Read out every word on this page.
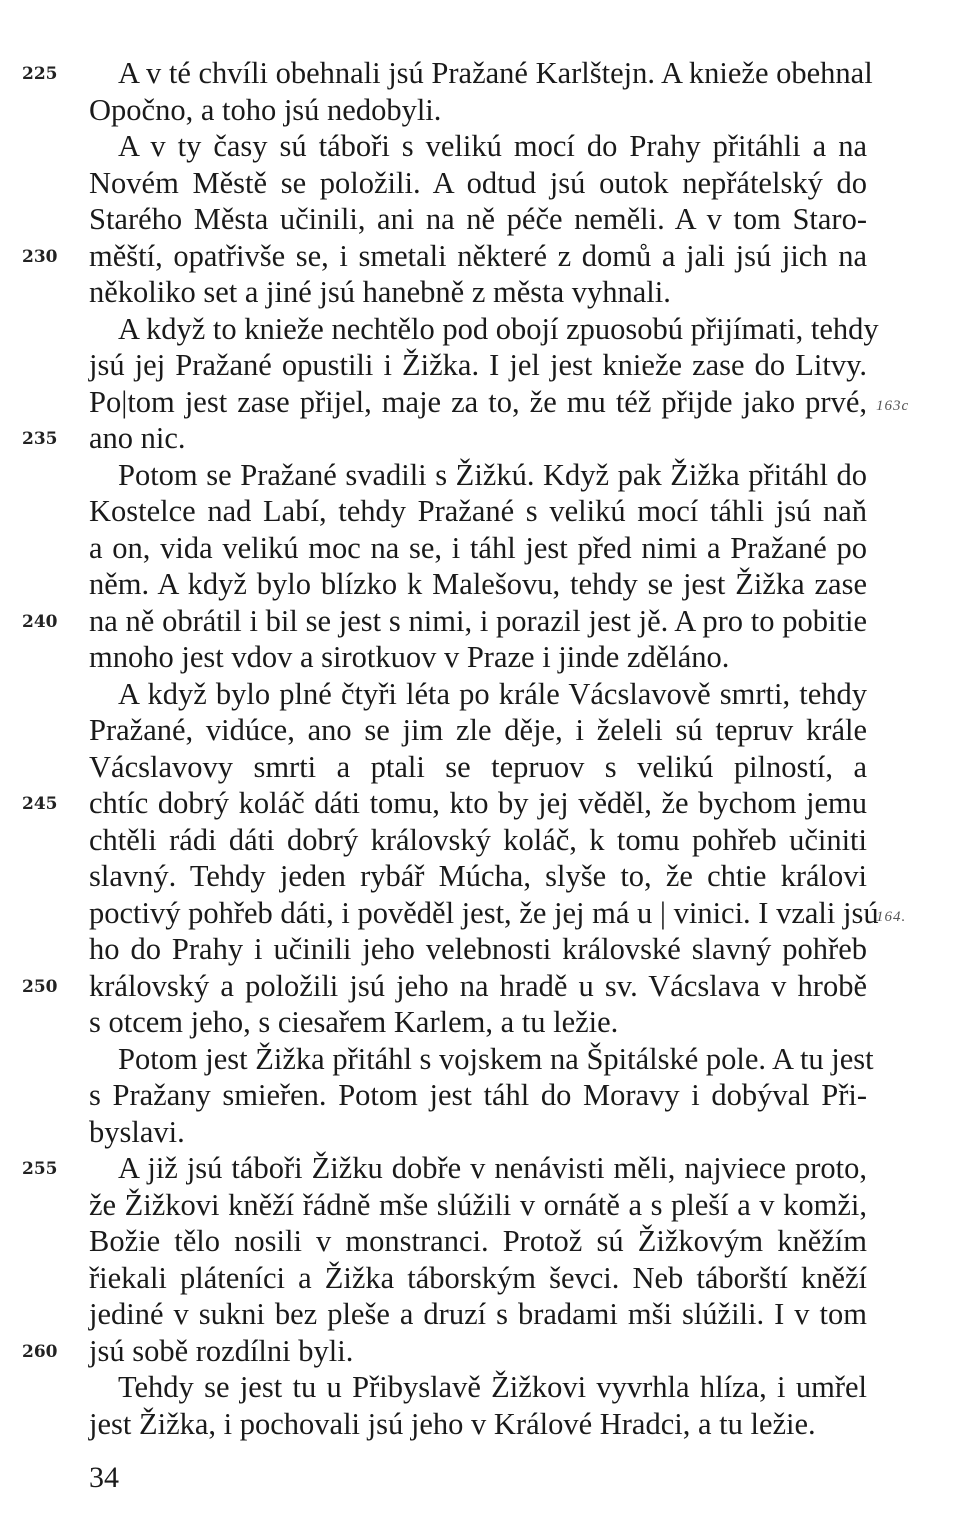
A v té chvíli obehnali jsú Pražané Karlštejn. A knieže obehnal
Opočno, a toho jsú nedobyli.
A v ty časy sú táboři s velikú mocí do Prahy přitáhli a na
Novém Městě se položili. A odtud jsú outok nepřátelský do
Starého Města učinili, ani na ně péče neměli. A v tom Staro-
měští, opatřivše se, i smetali některé z domů a jali jsú jich na
několiko set a jiné jsú hanebně z města vyhnali.
A když to knieže nechtělo pod obojí zpuosobú přijímati, tehdy
jsú jej Pražané opustili i Žižka. I jel jest knieže zase do Litvy.
Po|tom jest zase přijel, maje za to, že mu též přijde jako prvé,
ano nic.
Potom se Pražané svadili s Žižkú. Když pak Žižka přitáhl do
Kostelce nad Labí, tehdy Pražané s velikú mocí táhli jsú naň
a on, vida velikú moc na se, i táhl jest před nimi a Pražané po
něm. A když bylo blízko k Malešovu, tehdy se jest Žižka zase
na ně obrátil i bil se jest s nimi, i porazil jest jě. A pro to pobitie
mnoho jest vdov a sirotkuov v Praze i jinde zděláno.
A když bylo plné čtyři léta po krále Vácslavově smrti, tehdy
Pražané, vidúce, ano se jim zle děje, i želeli sú tepruv krále
Vácslavovy smrti a ptali se tepruov s velikú pilností, a
chtíc dobrý koláč dáti tomu, kto by jej věděl, že bychom jemu
chtěli rádi dáti dobrý královský koláč, k tomu pohřeb učiniti
slavný. Tehdy jeden rybář Múcha, slyše to, že chtie královi
poctivý pohřeb dáti, i pověděl jest, že jej má u | vinici. I vzali jsú
ho do Prahy i učinili jeho velebnosti královské slavný pohřeb
královský a položili jsú jeho na hradě u sv. Vácslava v hrobě
s otcem jeho, s ciesařem Karlem, a tu ležie.
Potom jest Žižka přitáhl s vojskem na Špitálské pole. A tu jest
s Pražany smieřen. Potom jest táhl do Moravy i dobýval Při-
byslavi.
A již jsú táboři Žižku dobře v nenávisti měli, najviece proto,
že Žižkovi kněží řádně mše slúžili v ornátě a s pleší a v komži,
Božie tělo nosili v monstranci. Protož sú Žižkovým kněžím
řiekali pláteníci a Žižka táborským ševci. Neb táborští kněží
jediné v sukni bez pleše a druzí s bradami mši slúžili. I v tom
jsú sobě rozdílni byli.
Tehdy se jest tu u Přibyslavě Žižkovi vyvrhla hlíza, i umřel
jest Žižka, i pochovali jsú jeho v Králové Hradci, a tu ležie.
225
230
235
240
245
250
255
260
163c
164.
34
